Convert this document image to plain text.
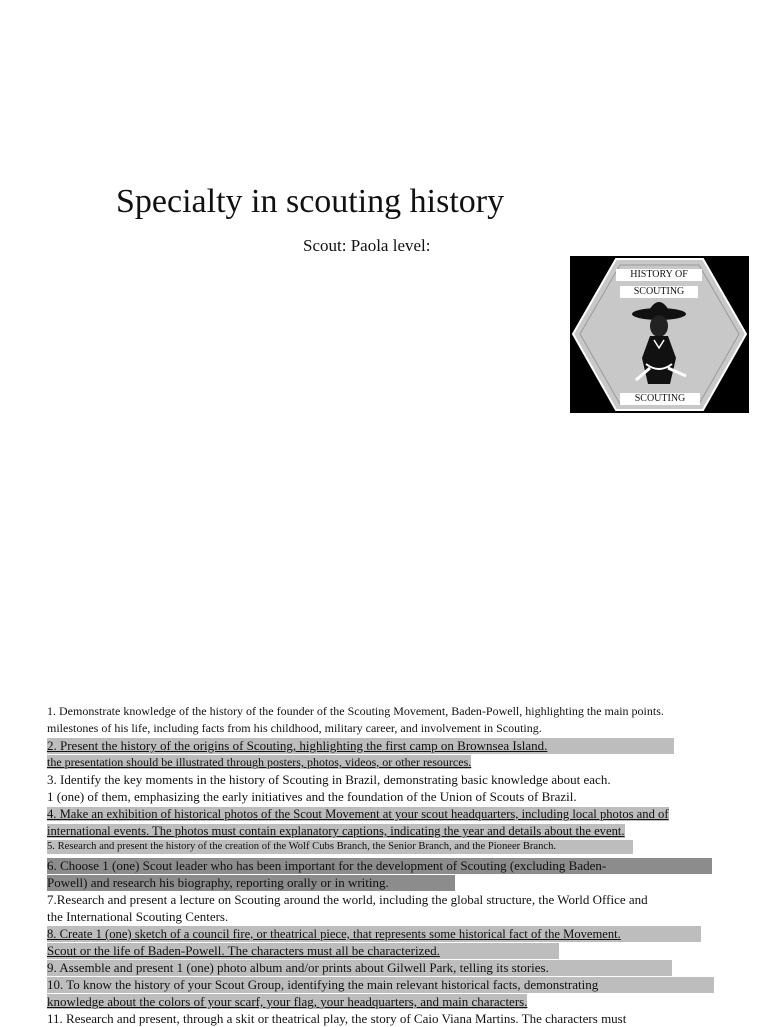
Specialty in scouting history
Scout: Paola level:
HISTORY OF
SCOUTING
SCOUTING
1. Demonstrate knowledge of the history of the founder of the Scouting Movement, Baden-Powell, highlighting the main points.
milestones of his life, including facts from his childhood, military career, and involvement in Scouting.
2. Present the history of the origins of Scouting, highlighting the first camp on Brownsea Island.
the presentation should be illustrated through posters, photos, videos, or other resources.
3. Identify the key moments in the history of Scouting in Brazil, demonstrating basic knowledge about each.
1 (one) of them, emphasizing the early initiatives and the foundation of the Union of Scouts of Brazil.
4. Make an exhibition of historical photos of the Scout Movement at your scout headquarters, including local photos and of
international events. The photos must contain explanatory captions, indicating the year and details about the event.
5. Research and present the history of the creation of the Wolf Cubs Branch, the Senior Branch, and the Pioneer Branch.
6. Choose 1 (one) Scout leader who has been important for the development of Scouting (excluding Baden-
Powell) and research his biography, reporting orally or in writing.
7.Research and present a lecture on Scouting around the world, including the global structure, the World Office and
the International Scouting Centers.
8. Create 1 (one) sketch of a council fire, or theatrical piece, that represents some historical fact of the Movement.
Scout or the life of Baden-Powell. The characters must all be characterized.
9. Assemble and present 1 (one) photo album and/or prints about Gilwell Park, telling its stories.
10. To know the history of your Scout Group, identifying the main relevant historical facts, demonstrating
knowledge about the colors of your scarf, your flag, your headquarters, and main characters.
11. Research and present, through a skit or theatrical play, the story of Caio Viana Martins. The characters must
